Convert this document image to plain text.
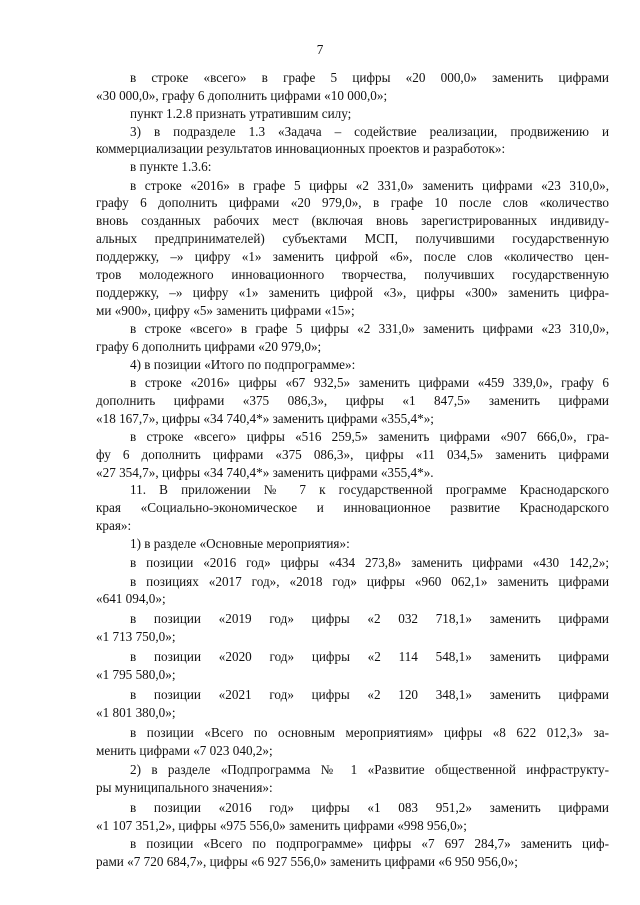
7
в строке «всего» в графе 5 цифры «20 000,0» заменить цифрами
«30 000,0», графу 6 дополнить цифрами «10 000,0»;
пункт 1.2.8 признать утратившим силу;
3) в подразделе 1.3 «Задача – содействие реализации, продвижению и
коммерциализации результатов инновационных проектов и разработок»:
в пункте 1.3.6:
в строке «2016» в графе 5 цифры «2 331,0» заменить цифрами «23 310,0»,
графу 6 дополнить цифрами «20 979,0», в графе 10 после слов «количество
вновь созданных рабочих мест (включая вновь зарегистрированных индивиду-
альных предпринимателей) субъектами МСП, получившими государственную
поддержку, –» цифру «1» заменить цифрой «6», после слов «количество цен-
тров молодежного инновационного творчества, получивших государственную
поддержку, –» цифру «1» заменить цифрой «3», цифры «300» заменить цифра-
ми «900», цифру «5» заменить цифрами «15»;
в строке «всего» в графе 5 цифры «2 331,0» заменить цифрами «23 310,0»,
графу 6 дополнить цифрами «20 979,0»;
4) в позиции «Итого по подпрограмме»:
в строке «2016» цифры «67 932,5» заменить цифрами «459 339,0», графу 6
дополнить цифрами «375 086,3», цифры «1 847,5» заменить цифрами
«18 167,7», цифры «34 740,4*» заменить цифрами «355,4*»;
в строке «всего» цифры «516 259,5» заменить цифрами «907 666,0», гра-
фу 6 дополнить цифрами «375 086,3», цифры «11 034,5» заменить цифрами
«27 354,7», цифры «34 740,4*» заменить цифрами «355,4*».
11. В приложении № 7 к государственной программе Краснодарского
края «Социально-экономическое и инновационное развитие Краснодарского
края»:
1) в разделе «Основные мероприятия»:
в позиции «2016 год» цифры «434 273,8» заменить цифрами «430 142,2»;
в позициях «2017 год», «2018 год» цифры «960 062,1» заменить цифрами
«641 094,0»;
в позиции «2019 год» цифры «2 032 718,1» заменить цифрами
«1 713 750,0»;
в позиции «2020 год» цифры «2 114 548,1» заменить цифрами
«1 795 580,0»;
в позиции «2021 год» цифры «2 120 348,1» заменить цифрами
«1 801 380,0»;
в позиции «Всего по основным мероприятиям» цифры «8 622 012,3» за-
менить цифрами «7 023 040,2»;
2) в разделе «Подпрограмма № 1 «Развитие общественной инфраструкту-
ры муниципального значения»:
в позиции «2016 год» цифры «1 083 951,2» заменить цифрами
«1 107 351,2», цифры «975 556,0» заменить цифрами «998 956,0»;
в позиции «Всего по подпрограмме» цифры «7 697 284,7» заменить циф-
рами «7 720 684,7», цифры «6 927 556,0» заменить цифрами «6 950 956,0»;
